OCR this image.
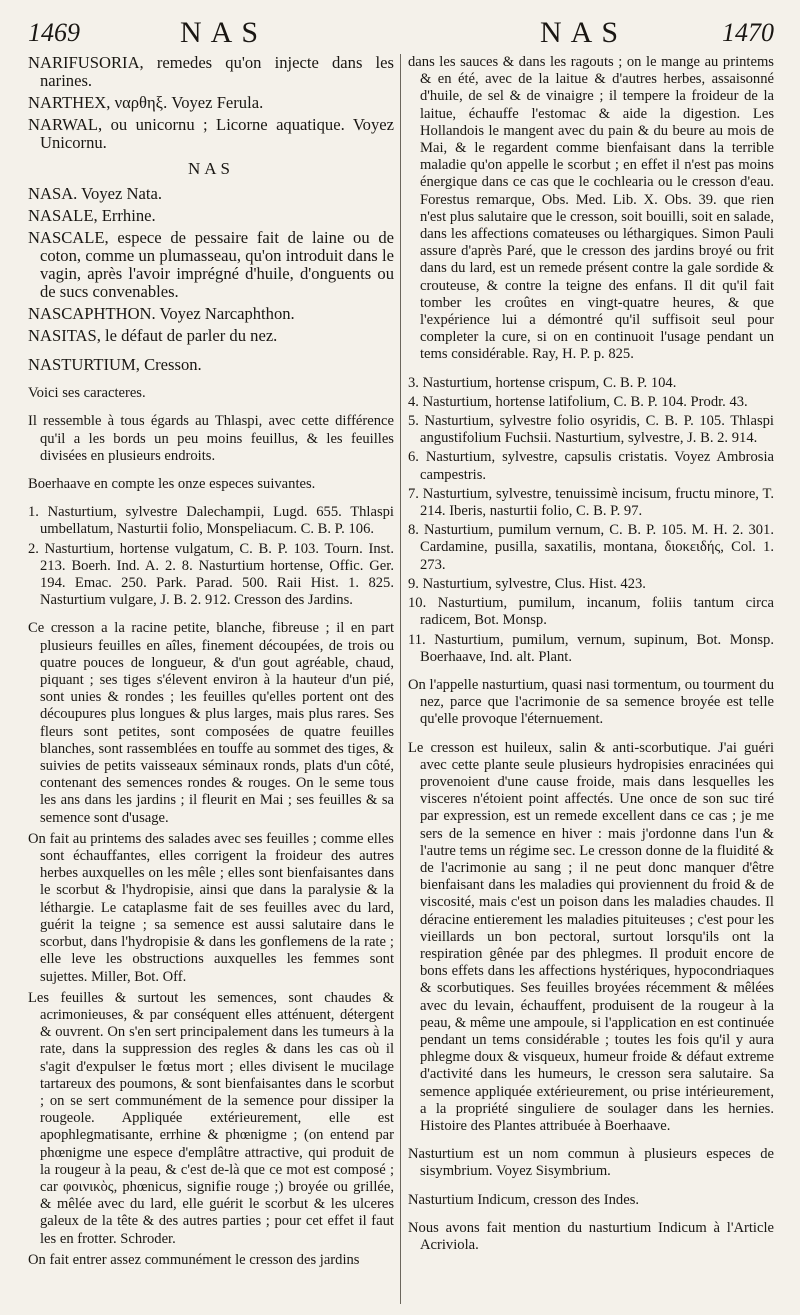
1469	NAS	NAS	1470

NARIFUSORIA, remedes qu'on injecte dans les narines.

NARTHEX, ναρθηξ. Voyez Ferula.

NARWAL, ou unicornu ; Licorne aquatique. Voyez Unicornu.

NAS

NASA. Voyez Nata.

NASALE, Errhine.

NASCALE, espece de pessaire fait de laine ou de coton, comme un plumasseau, qu'on introduit dans le vagin, après l'avoir imprégné d'huile, d'onguents ou de sucs convenables.

NASCAPHTHON. Voyez Narcaphthon.

NASITAS, le défaut de parler du nez.

NASTURTIUM, Cresson.

Voici ses caracteres.

Il ressemble à tous égards au Thlaspi, avec cette différence qu'il a les bords un peu moins feuillus, & les feuilles divisées en plusieurs endroits.

Boerhaave en compte les onze especes suivantes.

1. Nasturtium, sylvestre Dalechampii, Lugd. 655. Thlaspi umbellatum, Nasturtii folio, Monspeliacum. C. B. P. 106.

2. Nasturtium, hortense vulgatum, C. B. P. 103. Tourn. Inst. 213. Boerh. Ind. A. 2. 8. Nasturtium hortense, Offic. Ger. 194. Emac. 250. Park. Parad. 500. Raii Hist. 1. 825. Nasturtium vulgare, J. B. 2. 912. Cresson des Jardins.

Ce cresson a la racine petite, blanche, fibreuse ; il en part plusieurs feuilles en aîles, finement découpées, de trois ou quatre pouces de longueur, & d'un gout agréable, chaud, piquant ; ses tiges s'élevent environ à la hauteur d'un pié, sont unies & rondes ; les feuilles qu'elles portent ont des découpures plus longues & plus larges, mais plus rares. Ses fleurs sont petites, sont composées de quatre feuilles blanches, sont rassemblées en touffe au sommet des tiges, & suivies de petits vaisseaux séminaux ronds, plats d'un côté, contenant des semences rondes & rouges. On le seme tous les ans dans les jardins ; il fleurit en Mai ; ses feuilles & sa semence sont d'usage.

On fait au printems des salades avec ses feuilles ; comme elles sont échauffantes, elles corrigent la froideur des autres herbes auxquelles on les mêle ; elles sont bienfaisantes dans le scorbut & l'hydropisie, ainsi que dans la paralysie & la léthargie. Le cataplasme fait de ses feuilles avec du lard, guérit la teigne ; sa semence est aussi salutaire dans le scorbut, dans l'hydropisie & dans les gonflemens de la rate ; elle leve les obstructions auxquelles les femmes sont sujettes. Miller, Bot. Off.

Les feuilles & surtout les semences, sont chaudes & acrimonieuses, & par conséquent elles atténuent, détergent & ouvrent. On s'en sert principalement dans les tumeurs à la rate, dans la suppression des regles & dans les cas où il s'agit d'expulser le fœtus mort ; elles divisent le mucilage tartareux des poumons, & sont bienfaisantes dans le scorbut ; on se sert communément de la semence pour dissiper la rougeole. Appliquée extérieurement, elle est apophlegmatisante, errhine & phœnigme ; (on entend par phœnigme une espece d'emplâtre attractive, qui produit de la rougeur à la peau, & c'est de-là que ce mot est composé ; car φοινικὸς, phœnicus, signifie rouge ;) broyée ou grillée, & mêlée avec du lard, elle guérit le scorbut & les ulceres galeux de la tête & des autres parties ; pour cet effet il faut les en frotter. Schroder.

On fait entrer assez communément le cresson des jardins

dans les sauces & dans les ragouts ; on le mange au printems & en été, avec de la laitue & d'autres herbes, assaisonné d'huile, de sel & de vinaigre ; il tempere la froideur de la laitue, échauffe l'estomac & aide la digestion. Les Hollandois le mangent avec du pain & du beure au mois de Mai, & le regardent comme bienfaisant dans la terrible maladie qu'on appelle le scorbut ; en effet il n'est pas moins énergique dans ce cas que le cochlearia ou le cresson d'eau. Forestus remarque, Obs. Med. Lib. X. Obs. 39. que rien n'est plus salutaire que le cresson, soit bouilli, soit en salade, dans les affections comateuses ou léthargiques. Simon Pauli assure d'après Paré, que le cresson des jardins broyé ou frit dans du lard, est un remede présent contre la gale sordide & crouteuse, & contre la teigne des enfans. Il dit qu'il fait tomber les croûtes en vingt-quatre heures, & que l'expérience lui a démontré qu'il suffisoit seul pour completer la cure, si on en continuoit l'usage pendant un tems considérable. Ray, H. P. p. 825.

3. Nasturtium, hortense crispum, C. B. P. 104.

4. Nasturtium, hortense latifolium, C. B. P. 104. Prodr. 43.

5. Nasturtium, sylvestre folio osyridis, C. B. P. 105. Thlaspi angustifolium Fuchsii. Nasturtium, sylvestre, J. B. 2. 914.

6. Nasturtium, sylvestre, capsulis cristatis. Voyez Ambrosia campestris.

7. Nasturtium, sylvestre, tenuissimè incisum, fructu minore, T. 214. Iberis, nasturtii folio, C. B. P. 97.

8. Nasturtium, pumilum vernum, C. B. P. 105. M. H. 2. 301. Cardamine, pusilla, saxatilis, montana, διοκειδής, Col. 1. 273.

9. Nasturtium, sylvestre, Clus. Hist. 423.

10. Nasturtium, pumilum, incanum, foliis tantum circa radicem, Bot. Monsp.

11. Nasturtium, pumilum, vernum, supinum, Bot. Monsp. Boerhaave, Ind. alt. Plant.

On l'appelle nasturtium, quasi nasi tormentum, ou tourment du nez, parce que l'acrimonie de sa semence broyée est telle qu'elle provoque l'éternuement.

Le cresson est huileux, salin & anti-scorbutique. J'ai guéri avec cette plante seule plusieurs hydropisies enracinées qui provenoient d'une cause froide, mais dans lesquelles les visceres n'étoient point affectés. Une once de son suc tiré par expression, est un remede excellent dans ce cas ; je me sers de la semence en hiver : mais j'ordonne dans l'un & l'autre tems un régime sec. Le cresson donne de la fluidité & de l'acrimonie au sang ; il ne peut donc manquer d'être bienfaisant dans les maladies qui proviennent du froid & de viscosité, mais c'est un poison dans les maladies chaudes. Il déracine entierement les maladies pituiteuses ; c'est pour les vieillards un bon pectoral, surtout lorsqu'ils ont la respiration gênée par des phlegmes. Il produit encore de bons effets dans les affections hystériques, hypocondriaques & scorbutiques. Ses feuilles broyées récemment & mêlées avec du levain, échauffent, produisent de la rougeur à la peau, & même une ampoule, si l'application en est continuée pendant un tems considérable ; toutes les fois qu'il y aura phlegme doux & visqueux, humeur froide & défaut extreme d'activité dans les humeurs, le cresson sera salutaire. Sa semence appliquée extérieurement, ou prise intérieurement, a la propriété singuliere de soulager dans les hernies. Histoire des Plantes attribuée à Boerhaave.

Nasturtium est un nom commun à plusieurs especes de sisymbrium. Voyez Sisymbrium.

Nasturtium Indicum, cresson des Indes.

Nous avons fait mention du nasturtium Indicum à l'Article Acriviola.
